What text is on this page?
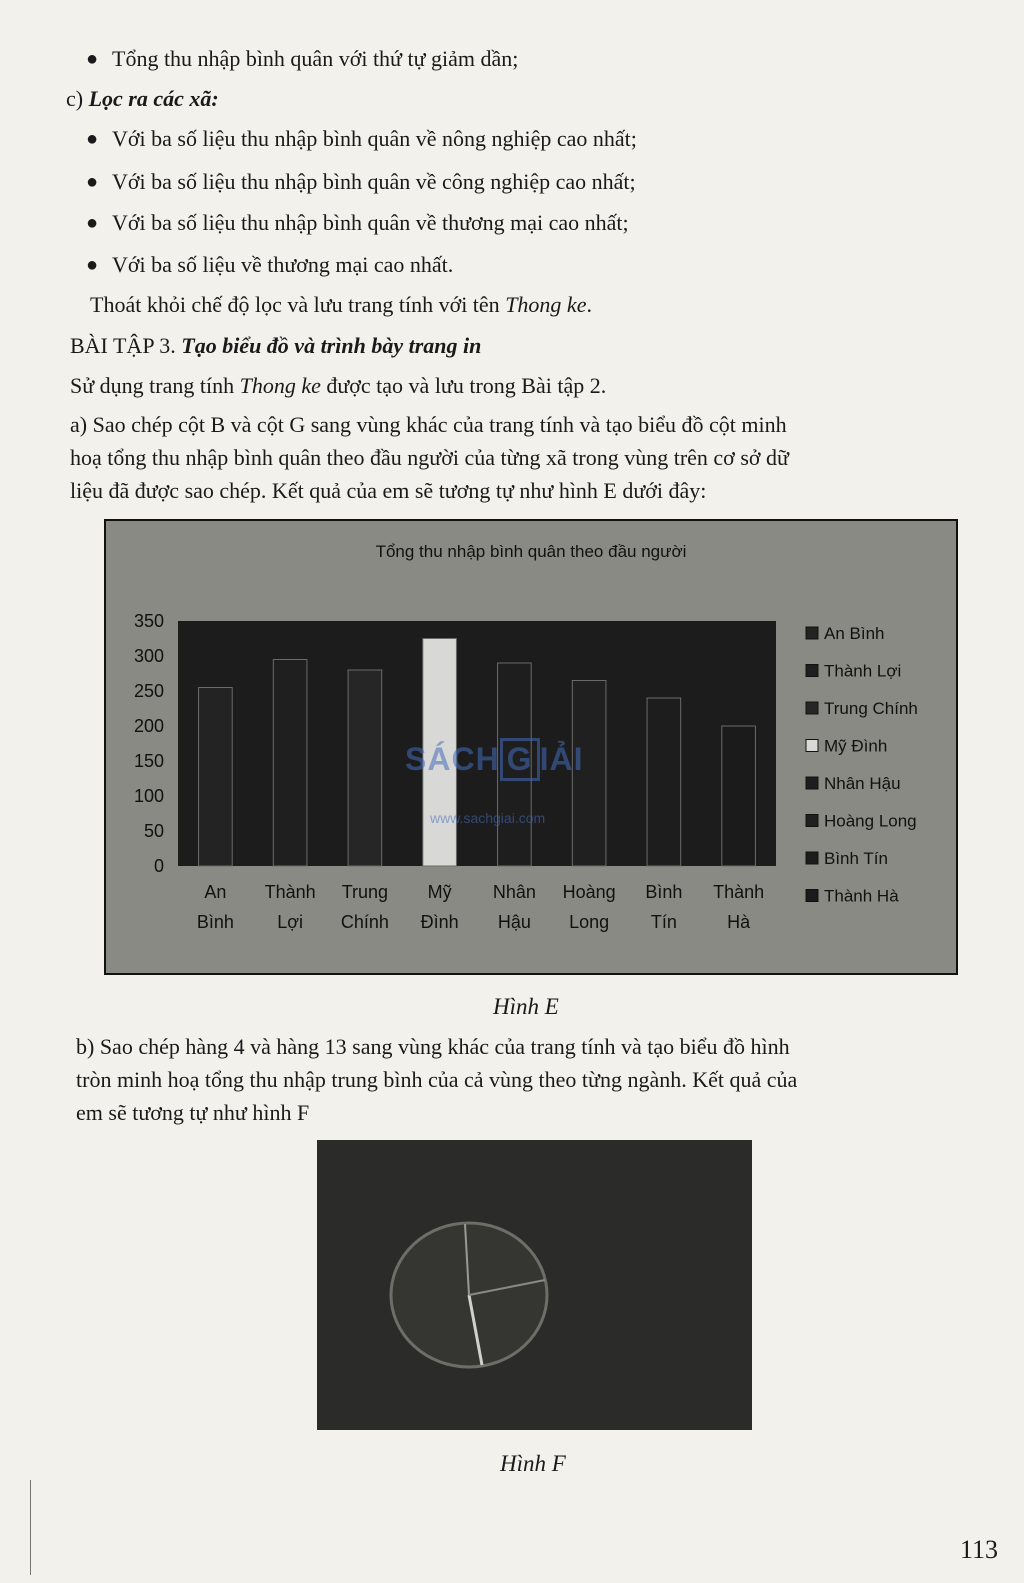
● Tổng thu nhập bình quân với thứ tự giảm dần;
c) Lọc ra các xã:
● Với ba số liệu thu nhập bình quân về nông nghiệp cao nhất;
● Với ba số liệu thu nhập bình quân về công nghiệp cao nhất;
● Với ba số liệu thu nhập bình quân về thương mại cao nhất;
● Với ba số liệu về thương mại cao nhất.
Thoát khỏi chế độ lọc và lưu trang tính với tên Thong ke.
BÀI TẬP 3. Tạo biểu đồ và trình bày trang in
Sử dụng trang tính Thong ke được tạo và lưu trong Bài tập 2.
a) Sao chép cột B và cột G sang vùng khác của trang tính và tạo biểu đồ cột minh
hoạ tổng thu nhập bình quân theo đầu người của từng xã trong vùng trên cơ sở dữ
liệu đã được sao chép. Kết quả của em sẽ tương tự như hình E dưới đây:
Tổng thu nhập bình quân theo đầu người
0
50
100
150
200
250
300
350
An
Bình
Thành
Lợi
Trung
Chính
Mỹ
Đình
Nhân
Hậu
Hoàng
Long
Bình
Tín
Thành
Hà
An Bình
Thành Lợi
Trung Chính
Mỹ Đình
Nhân Hậu
Hoàng Long
Bình Tín
Thành Hà
SÁCH G IẢI
www.sachgiai.com
Hình E
b) Sao chép hàng 4 và hàng 13 sang vùng khác của trang tính và tạo biểu đồ hình
tròn minh hoạ tổng thu nhập trung bình của cả vùng theo từng ngành. Kết quả của
em sẽ tương tự như hình F
Hình F
113
